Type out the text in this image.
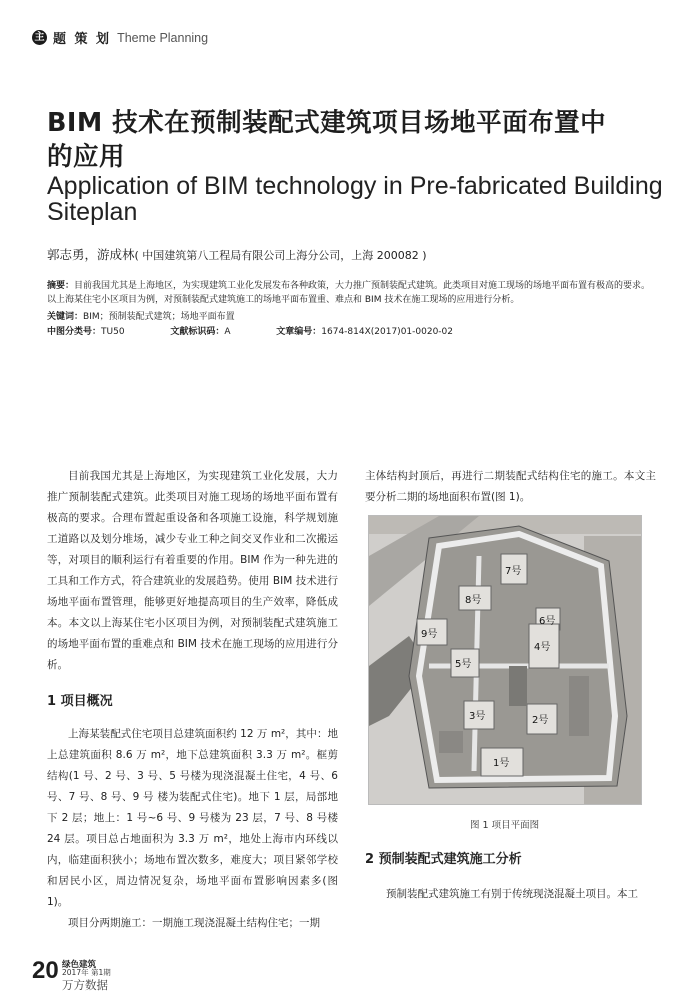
主 题 策 划 Theme Planning
BIM 技术在预制装配式建筑项目场地平面布置中
的应用
Application of BIM technology in Pre-fabricated Building Siteplan
郭志勇，游成林( 中国建筑第八工程局有限公司上海分公司，上海 200082 )
摘要：目前我国尤其是上海地区，为实现建筑工业化发展发布各种政策，大力推广预制装配式建筑。此类项目对施工现场的场地平面布置有极高的要求。以上海某住宅小区项目为例，对预制装配式建筑施工的场地平面布置重、难点和 BIM 技术在施工现场的应用进行分析。
关键词：BIM；预制装配式建筑；场地平面布置
中图分类号：TU50	文献标识码：A	文章编号：1674-814X(2017)01-0020-02

目前我国尤其是上海地区，为实现建筑工业化发展，大力推广预制装配式建筑。此类项目对施工现场的场地平面布置有极高的要求。合理布置起重设备和各项施工设施，科学规划施工道路以及划分堆场，减少专业工种之间交叉作业和二次搬运等，对项目的顺利运行有着重要的作用。BIM 作为一种先进的工具和工作方式，符合建筑业的发展趋势。使用 BIM 技术进行场地平面布置管理，能够更好地提高项目的生产效率，降低成本。本文以上海某住宅小区项目为例，对预制装配式建筑施工的场地平面布置的重难点和 BIM 技术在施工现场的应用进行分析。

1 项目概况

上海某装配式住宅项目总建筑面积约 12 万 m²，其中：地上总建筑面积 8.6 万 m²，地下总建筑面积 3.3 万 m²。框剪结构(1 号、2 号、3 号、5 号楼为现浇混凝土住宅，4 号、6号、7 号、8 号、9 号 楼为装配式住宅)。地下 1 层，局部地下 2 层；地上：1 号~6 号、9 号楼为 23 层，7 号、8 号楼 24 层。项目总占地面积为 3.3 万 m²，地处上海市内环线以内，临建面积狭小；场地布置次数多，难度大；项目紧邻学校和居民小区，周边情况复杂，场地平面布置影响因素多(图 1)。

项目分两期施工：一期施工现浇混凝土结构住宅；一期

主体结构封顶后，再进行二期装配式结构住宅的施工。本文主要分析二期的场地面积布置(图 1)。

7号
8号
6号
9号
5号
4号
3号	2号
1号
图 1 项目平面图
2 预制装配式建筑施工分析

预制装配式建筑施工有别于传统现浇混凝土项目。本工

20 绿色建筑
2017年 第1期
万方数据
